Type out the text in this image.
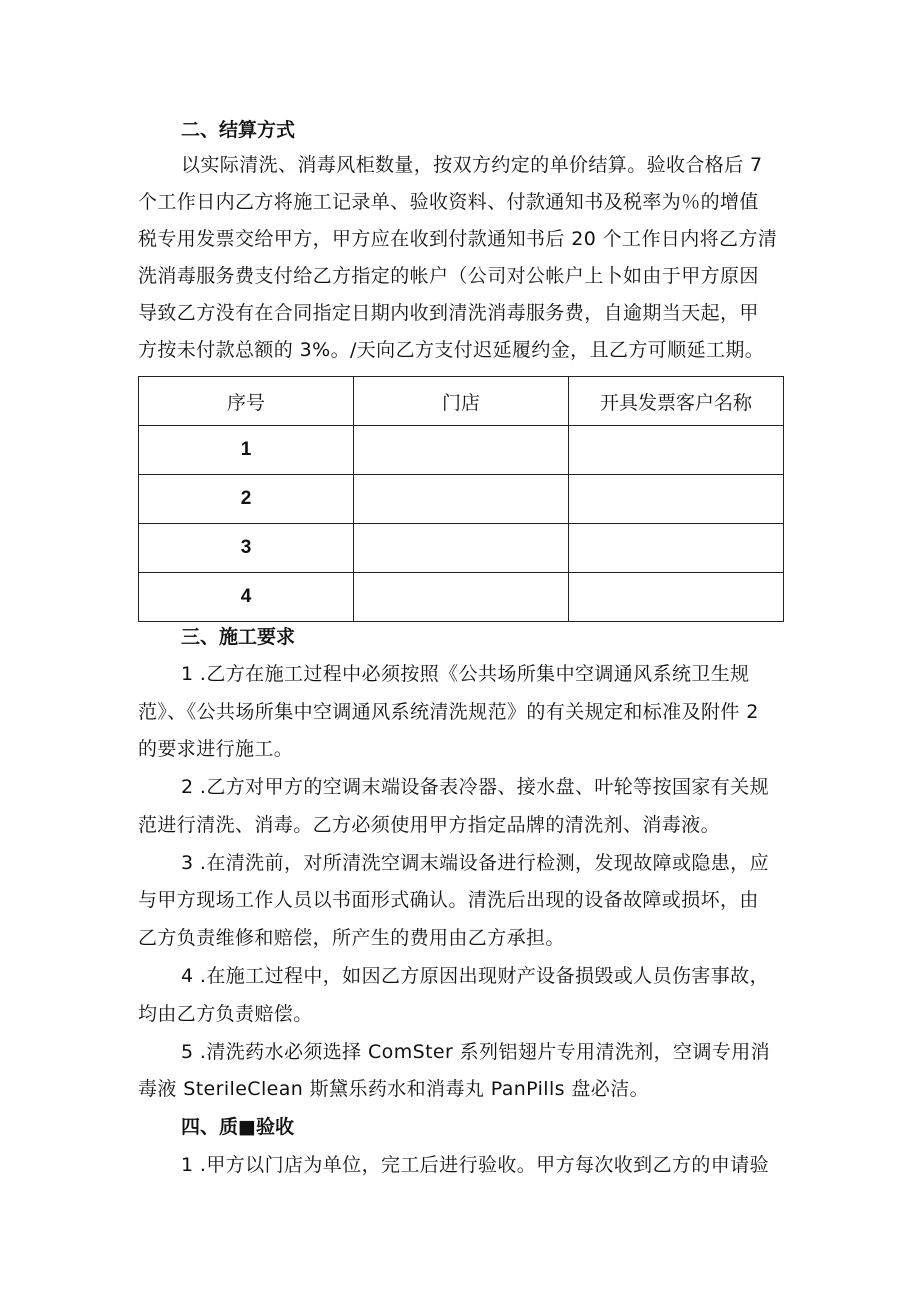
二、结算方式
以实际清洗、消毒风柜数量，按双方约定的单价结算。验收合格后 7
个工作日内乙方将施工记录单、验收资料、付款通知书及税率为％的增值
税专用发票交给甲方，甲方应在收到付款通知书后 20 个工作日内将乙方清
洗消毒服务费支付给乙方指定的帐户（公司对公帐户上卜如由于甲方原因
导致乙方没有在合同指定日期内收到清洗消毒服务费，自逾期当天起，甲
方按未付款总额的 3%。/天向乙方支付迟延履约金，且乙方可顺延工期。
序号	门店	开具发票客户名称
1		
2		
3		
4		
三、施工要求
1 .乙方在施工过程中必须按照《公共场所集中空调通风系统卫生规
范》、《公共场所集中空调通风系统清洗规范》的有关规定和标准及附件 2
的要求进行施工。
2 .乙方对甲方的空调末端设备表冷器、接水盘、叶轮等按国家有关规
范进行清洗、消毒。乙方必须使用甲方指定品牌的清洗剂、消毒液。
3 .在清洗前，对所清洗空调末端设备进行检测，发现故障或隐患，应
与甲方现场工作人员以书面形式确认。清洗后出现的设备故障或损坏，由
乙方负责维修和赔偿，所产生的费用由乙方承担。
4 .在施工过程中，如因乙方原因出现财产设备损毁或人员伤害事故，
均由乙方负责赔偿。
5 .清洗药水必须选择 ComSter 系列铝翅片专用清洗剂，空调专用消
毒液 SterileClean 斯黛乐药水和消毒丸 PanPills 盘必洁。
四、质■验收
1 .甲方以门店为单位，完工后进行验收。甲方每次收到乙方的申请验
